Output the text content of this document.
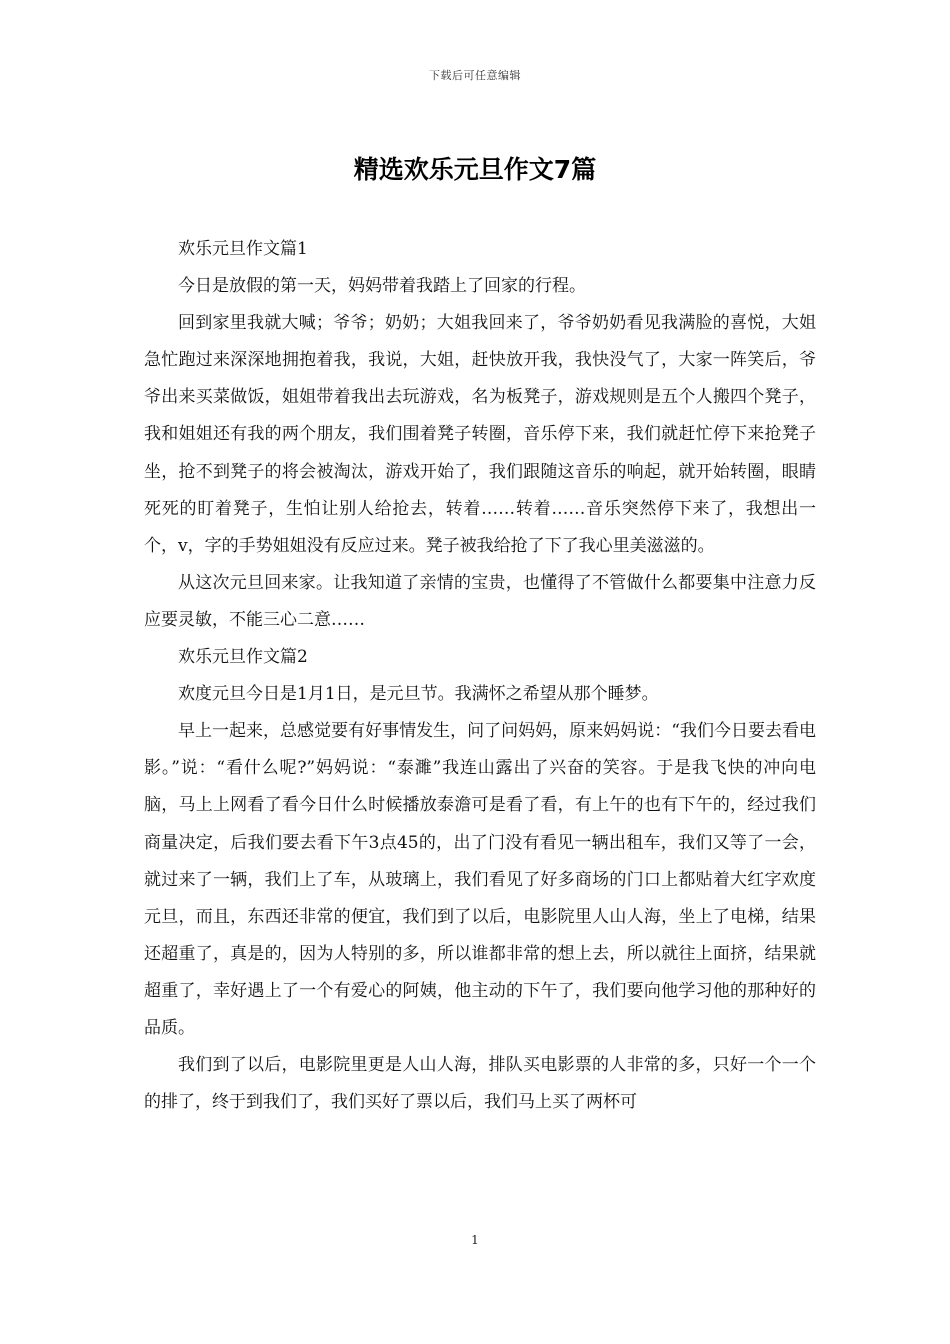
下载后可任意编辑
精选欢乐元旦作文7篇

欢乐元旦作文篇1

今日是放假的第一天，妈妈带着我踏上了回家的行程。

回到家里我就大喊；爷爷；奶奶；大姐我回来了，爷爷奶奶看见我满脸的喜悦，大姐急忙跑过来深深地拥抱着我，我说，大姐，赶快放开我，我快没气了，大家一阵笑后，爷爷出来买菜做饭，姐姐带着我出去玩游戏，名为板凳子，游戏规则是五个人搬四个凳子，我和姐姐还有我的两个朋友，我们围着凳子转圈，音乐停下来，我们就赶忙停下来抢凳子坐，抢不到凳子的将会被淘汰，游戏开始了，我们跟随这音乐的响起，就开始转圈，眼睛死死的盯着凳子，生怕让别人给抢去，转着……转着……音乐突然停下来了，我想出一个，v，字的手势姐姐没有反应过来。凳子被我给抢了下了我心里美滋滋的。

从这次元旦回来家。让我知道了亲情的宝贵，也懂得了不管做什么都要集中注意力反应要灵敏，不能三心二意……

欢乐元旦作文篇2

欢度元旦今日是1月1日，是元旦节。我满怀之希望从那个睡梦。

早上一起来，总感觉要有好事情发生，问了问妈妈，原来妈妈说：“我们今日要去看电影。”说：“看什么呢?”妈妈说：“泰濉”我连山露出了兴奋的笑容。于是我飞快的冲向电脑，马上上网看了看今日什么时候播放泰澹可是看了看，有上午的也有下午的，经过我们商量决定，后我们要去看下午3点45的，出了门没有看见一辆出租车，我们又等了一会，就过来了一辆，我们上了车，从玻璃上，我们看见了好多商场的门口上都贴着大红字欢度元旦，而且，东西还非常的便宜，我们到了以后，电影院里人山人海，坐上了电梯，结果还超重了，真是的，因为人特别的多，所以谁都非常的想上去，所以就往上面挤，结果就超重了，幸好遇上了一个有爱心的阿姨，他主动的下午了，我们要向他学习他的那种好的品质。

我们到了以后，电影院里更是人山人海，排队买电影票的人非常的多，只好一个一个的排了，终于到我们了，我们买好了票以后，我们马上买了两杯可

1
